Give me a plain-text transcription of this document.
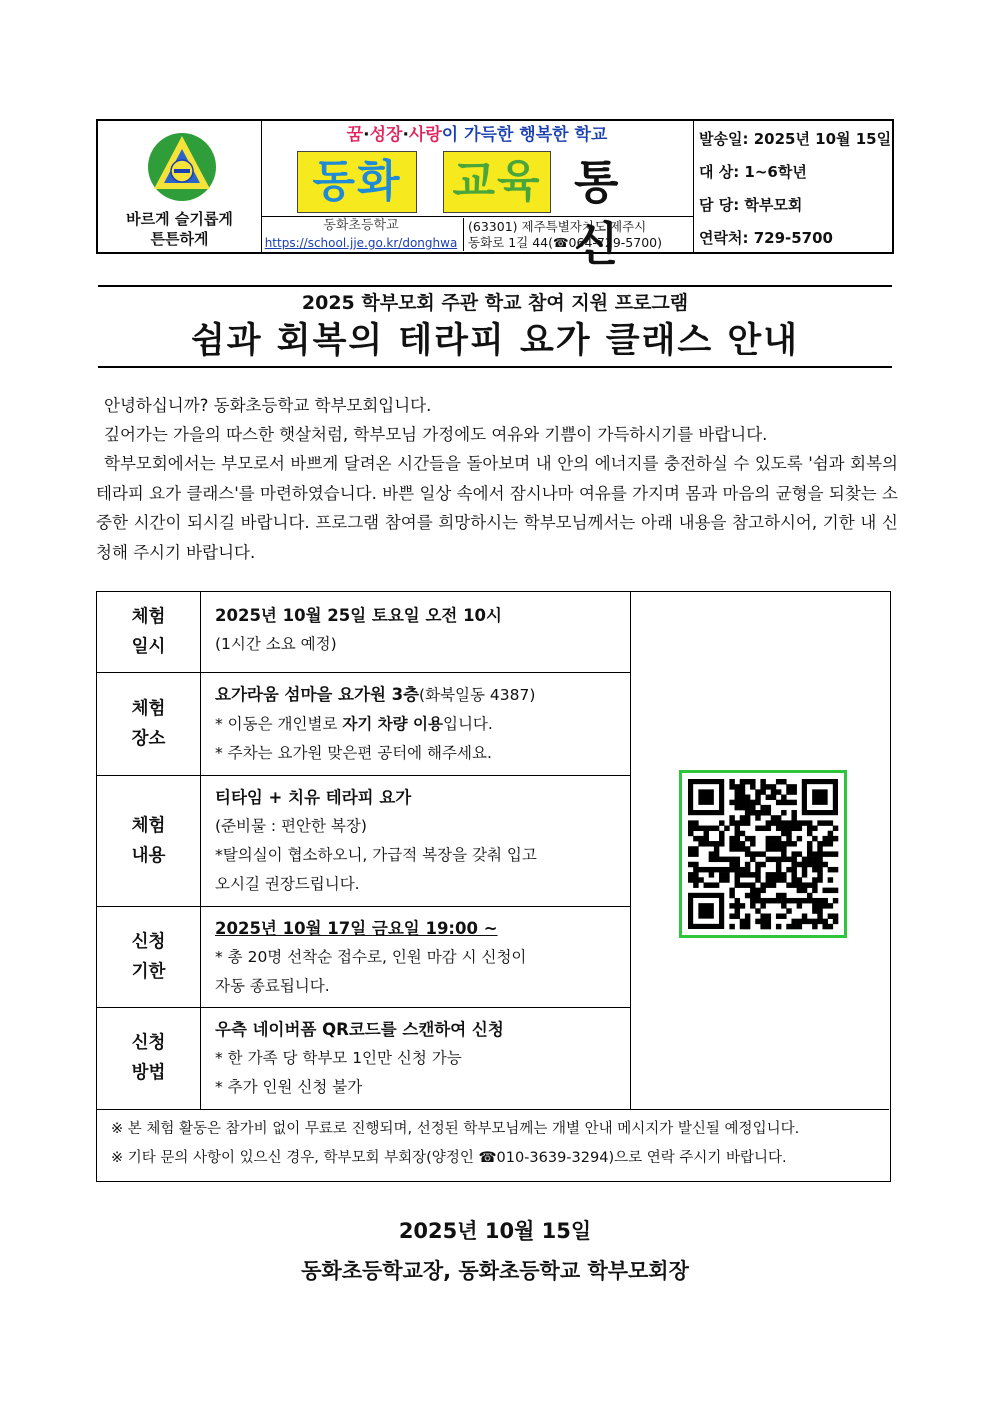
바르게 슬기롭게
튼튼하게
꿈·성장·사랑이 가득한 행복한 학교
동화	교육 통신
동화초등학교
https://school.jje.go.kr/donghwa
(63301) 제주특별자치도 제주시
동화로 1길 44(☎064-729-5700)
발송일: 2025년 10월 15일
대 상: 1~6학년
담 당: 학부모회
연락처: 729-5700
2025 학부모회 주관 학교 참여 지원 프로그램
쉼과 회복의 테라피 요가 클래스 안내
안녕하십니까? 동화초등학교 학부모회입니다.
깊어가는 가을의 따스한 햇살처럼, 학부모님 가정에도 여유와 기쁨이 가득하시기를 바랍니다.
학부모회에서는 부모로서 바쁘게 달려온 시간들을 돌아보며 내 안의 에너지를 충전하실 수 있도록 '쉼과 회복의 테라피 요가 클래스'를 마련하였습니다. 바쁜 일상 속에서 잠시나마 여유를 가지며 몸과 마음의 균형을 되찾는 소중한 시간이 되시길 바랍니다. 프로그램 참여를 희망하시는 학부모님께서는 아래 내용을 참고하시어, 기한 내 신청해 주시기 바랍니다.
체험
일시
2025년 10월 25일 토요일 오전 10시
(1시간 소요 예정)
체험
장소
요가라움 섬마을 요가원 3층(화북일동 4387)
* 이동은 개인별로 자기 차량 이용입니다.
* 주차는 요가원 맞은편 공터에 해주세요.
체험
내용
티타임 + 치유 테라피 요가
(준비물 : 편안한 복장)
*탈의실이 협소하오니, 가급적 복장을 갖춰 입고
오시길 권장드립니다.
신청
기한
2025년 10월 17일 금요일 19:00 ~
* 총 20명 선착순 접수로, 인원 마감 시 신청이
자동 종료됩니다.
신청
방법
우측 네이버폼 QR코드를 스캔하여 신청
* 한 가족 당 학부모 1인만 신청 가능
* 추가 인원 신청 불가
※ 본 체험 활동은 참가비 없이 무료로 진행되며, 선정된 학부모님께는 개별 안내 메시지가 발신될 예정입니다.
※ 기타 문의 사항이 있으신 경우, 학부모회 부회장(양정인 ☎010-3639-3294)으로 연락 주시기 바랍니다.
2025년 10월 15일
동화초등학교장, 동화초등학교 학부모회장
